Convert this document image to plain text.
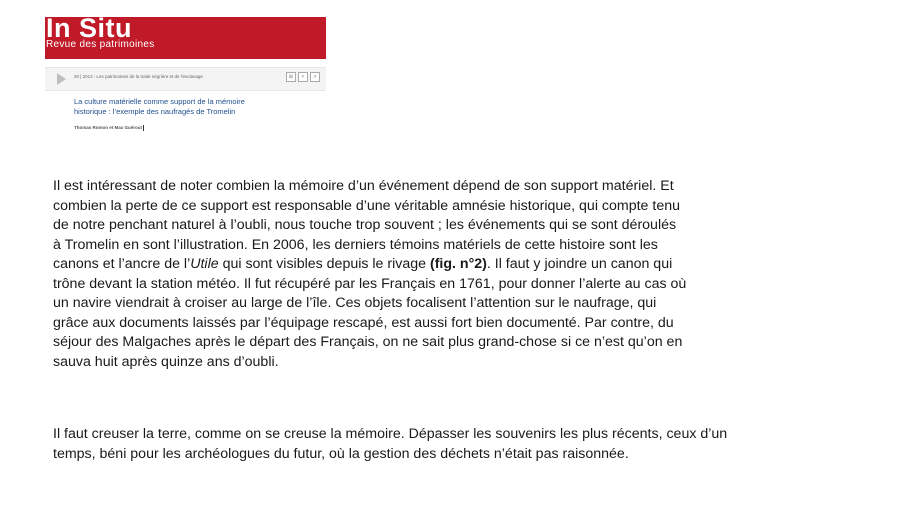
In Situ
Revue des patrimoines
20 | 2013 : Les patrimoines de la traite négrière et de l'esclavage	⊞	<	>
La culture matérielle comme support de la mémoire
historique : l’exemple des naufragés de Tromelin
Thomas Romon et Max Guérout
Il est intéressant de noter combien la mémoire d’un événement dépend de son support matériel. Et
combien la perte de ce support est responsable d’une véritable amnésie historique, qui compte tenu
de notre penchant naturel à l’oubli, nous touche trop souvent ; les événements qui se sont déroulés
à Tromelin en sont l’illustration. En 2006, les derniers témoins matériels de cette histoire sont les
canons et l’ancre de l’Utile qui sont visibles depuis le rivage (fig. n°2). Il faut y joindre un canon qui
trône devant la station météo. Il fut récupéré par les Français en 1761, pour donner l’alerte au cas où
un navire viendrait à croiser au large de l’île. Ces objets focalisent l’attention sur le naufrage, qui
grâce aux documents laissés par l’équipage rescapé, est aussi fort bien documenté. Par contre, du
séjour des Malgaches après le départ des Français, on ne sait plus grand-chose si ce n’est qu’on en
sauva huit après quinze ans d’oubli.
Il faut creuser la terre, comme on se creuse la mémoire. Dépasser les souvenirs les plus récents, ceux d’un
temps, béni pour les archéologues du futur, où la gestion des déchets n’était pas raisonnée.
